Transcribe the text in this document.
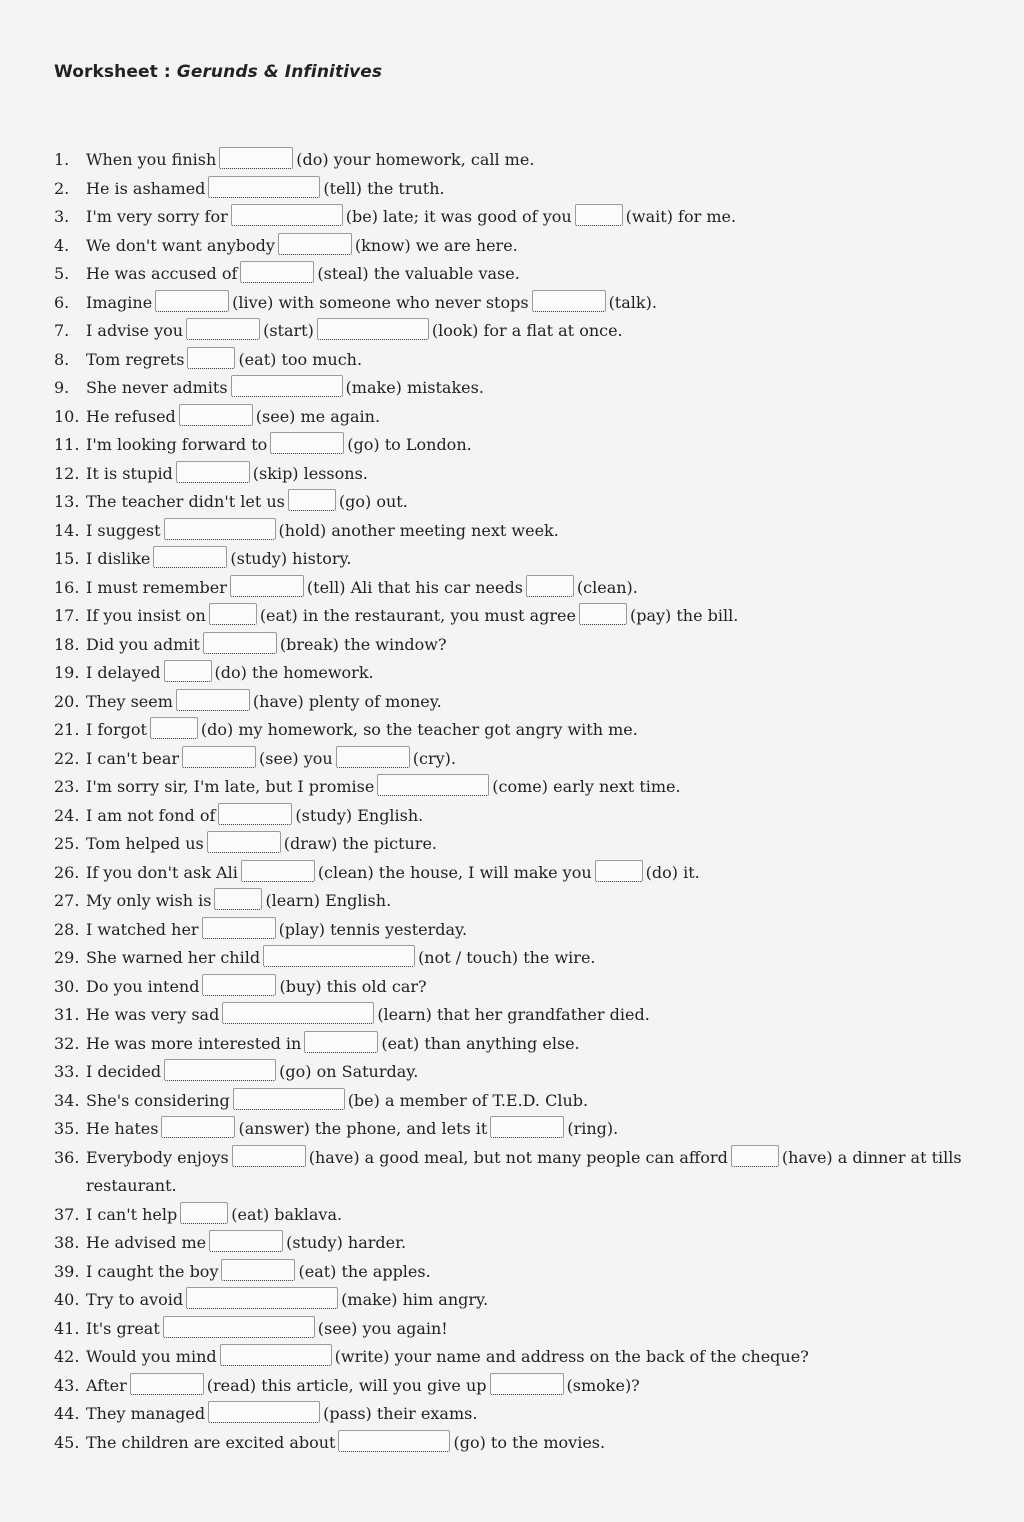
Worksheet : Gerunds & Infinitives
1.	When you finish	(do) your homework, call me.
2.	He is ashamed	(tell) the truth.
3.	I'm very sorry for	(be) late; it was good of you	(wait) for me.
4.	We don't want anybody	(know) we are here.
5.	He was accused of	(steal) the valuable vase.
6.	Imagine	(live) with someone who never stops	(talk).
7.	I advise you	(start)	(look) for a flat at once.
8.	Tom regrets	(eat) too much.
9.	She never admits	(make) mistakes.
10. He refused	(see) me again.
11. I'm looking forward to	(go) to London.
12. It is stupid	(skip) lessons.
13. The teacher didn't let us	(go) out.
14. I suggest	(hold) another meeting next week.
15. I dislike	(study) history.
16. I must remember	(tell) Ali that his car needs	(clean).
17. If you insist on	(eat) in the restaurant, you must agree	(pay) the bill.
18. Did you admit	(break) the window?
19. I delayed	(do) the homework.
20. They seem	(have) plenty of money.
21. I forgot	(do) my homework, so the teacher got angry with me.
22. I can't bear	(see) you	(cry).
23. I'm sorry sir, I'm late, but I promise	(come) early next time.
24. I am not fond of	(study) English.
25. Tom helped us	(draw) the picture.
26. If you don't ask Ali	(clean) the house, I will make you	(do) it.
27. My only wish is	(learn) English.
28. I watched her	(play) tennis yesterday.
29. She warned her child	(not / touch) the wire.
30. Do you intend	(buy) this old car?
31. He was very sad	(learn) that her grandfather died.
32. He was more interested in	(eat) than anything else.
33. I decided	(go) on Saturday.
34. She's considering	(be) a member of T.E.D. Club.
35. He hates	(answer) the phone, and lets it	(ring).
36. Everybody enjoys	(have) a good meal, but not many people can afford	(have) a dinner at tills restaurant.
37. I can't help	(eat) baklava.
38. He advised me	(study) harder.
39. I caught the boy	(eat) the apples.
40. Try to avoid	(make) him angry.
41. It's great	(see) you again!
42. Would you mind	(write) your name and address on the back of the cheque?
43. After	(read) this article, will you give up	(smoke)?
44. They managed	(pass) their exams.
45. The children are excited about	(go) to the movies.
